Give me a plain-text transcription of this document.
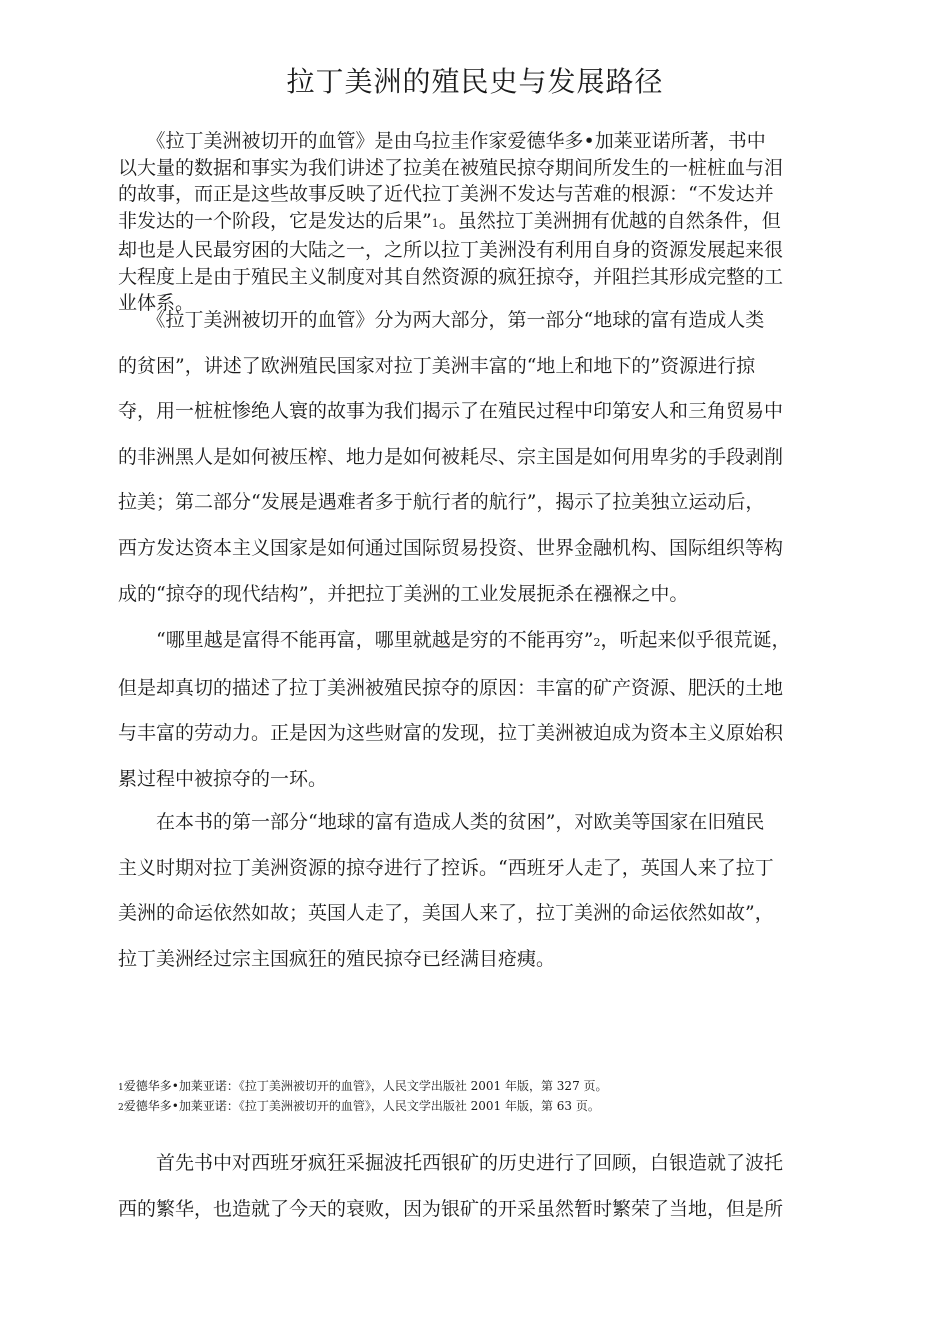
拉丁美洲的殖民史与发展路径

　　《拉丁美洲被切开的血管》是由乌拉圭作家爱德华多•加莱亚诺所著，书中
以大量的数据和事实为我们讲述了拉美在被殖民掠夺期间所发生的一桩桩血与泪
的故事，而正是这些故事反映了近代拉丁美洲不发达与苦难的根源：“不发达并
非发达的一个阶段，它是发达的后果”1。虽然拉丁美洲拥有优越的自然条件，但
却也是人民最穷困的大陆之一，之所以拉丁美洲没有利用自身的资源发展起来很
大程度上是由于殖民主义制度对其自然资源的疯狂掠夺，并阻拦其形成完整的工
业体系。

　　《拉丁美洲被切开的血管》分为两大部分，第一部分“地球的富有造成人类
的贫困”，讲述了欧洲殖民国家对拉丁美洲丰富的“地上和地下的”资源进行掠
夺，用一桩桩惨绝人寰的故事为我们揭示了在殖民过程中印第安人和三角贸易中
的非洲黑人是如何被压榨、地力是如何被耗尽、宗主国是如何用卑劣的手段剥削
拉美；第二部分“发展是遇难者多于航行者的航行”，揭示了拉美独立运动后，
西方发达资本主义国家是如何通过国际贸易投资、世界金融机构、国际组织等构
成的“掠夺的现代结构”，并把拉丁美洲的工业发展扼杀在襁褓之中。

　　“哪里越是富得不能再富，哪里就越是穷的不能再穷”2，听起来似乎很荒诞，
但是却真切的描述了拉丁美洲被殖民掠夺的原因：丰富的矿产资源、肥沃的土地
与丰富的劳动力。正是因为这些财富的发现，拉丁美洲被迫成为资本主义原始积
累过程中被掠夺的一环。

　　在本书的第一部分“地球的富有造成人类的贫困”，对欧美等国家在旧殖民
主义时期对拉丁美洲资源的掠夺进行了控诉。“西班牙人走了，英国人来了拉丁
美洲的命运依然如故；英国人走了，美国人来了，拉丁美洲的命运依然如故”，
拉丁美洲经过宗主国疯狂的殖民掠夺已经满目疮痍。

1爱德华多•加莱亚诺：《拉丁美洲被切开的血管》，人民文学出版社 2001 年版，第 327 页。
2爱德华多•加莱亚诺：《拉丁美洲被切开的血管》，人民文学出版社 2001 年版，第 63 页。

　　首先书中对西班牙疯狂采掘波托西银矿的历史进行了回顾，白银造就了波托
西的繁华，也造就了今天的衰败，因为银矿的开采虽然暂时繁荣了当地，但是所
